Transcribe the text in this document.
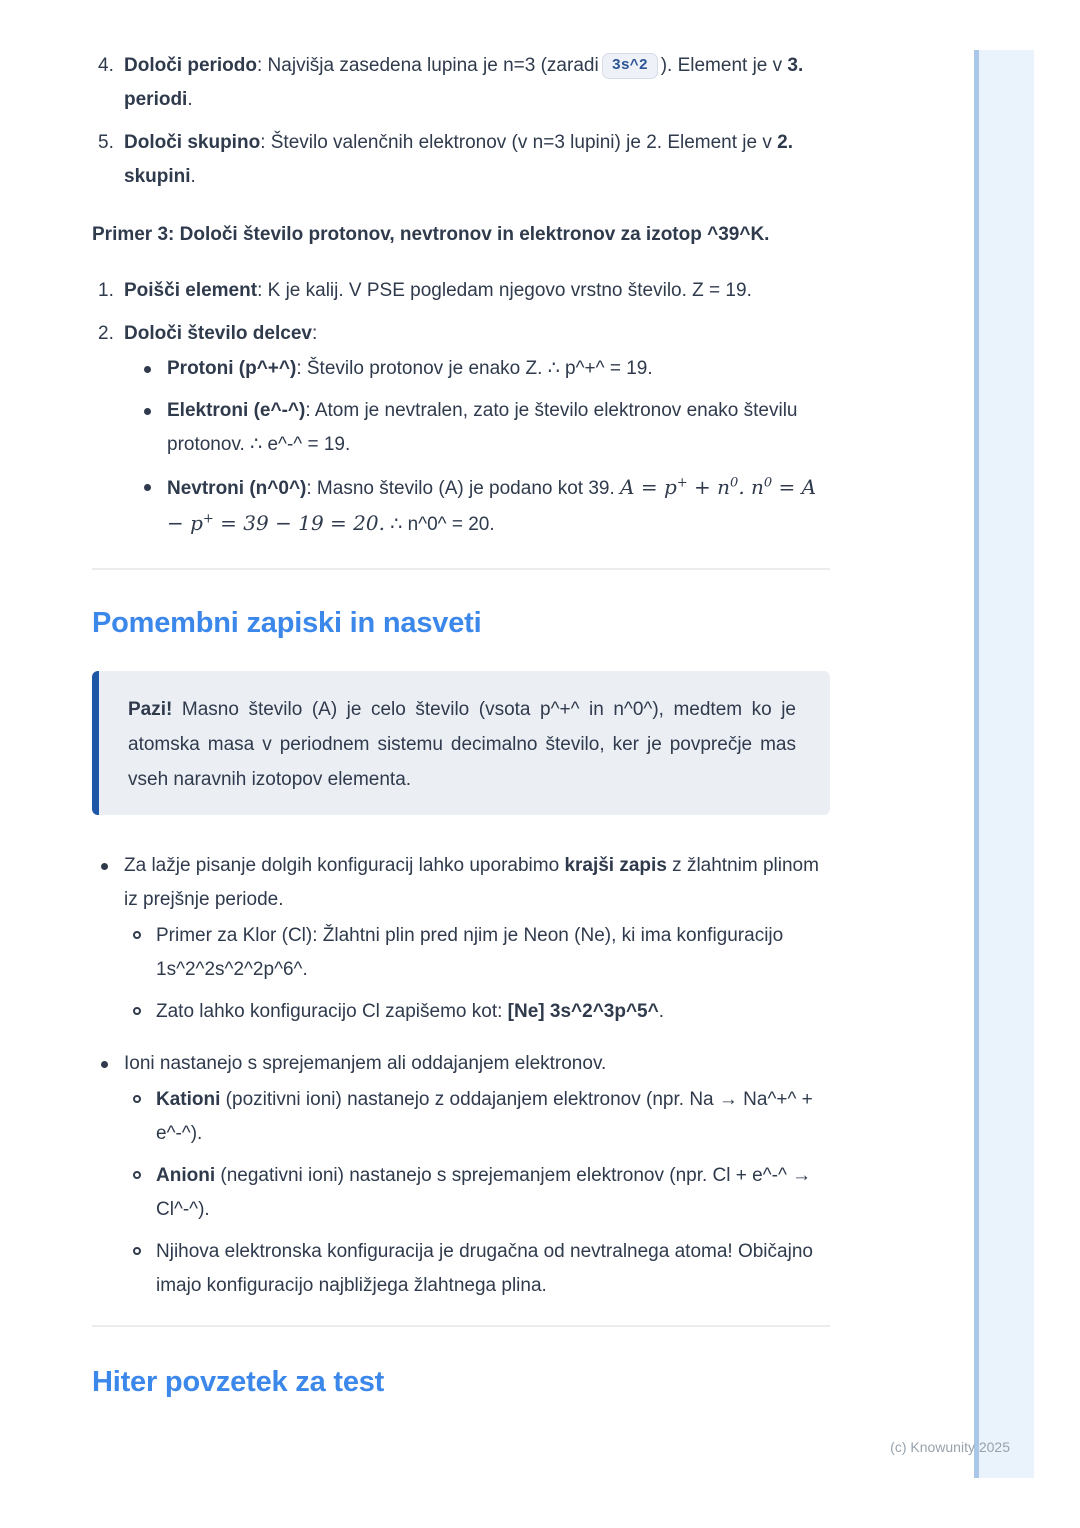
4. Določi periodo: Najvišja zasedena lupina je n=3 (zaradi 3s^2 ). Element je v 3. periodi.
5. Določi skupino: Število valenčnih elektronov (v n=3 lupini) je 2. Element je v 2. skupini.

Primer 3: Določi število protonov, nevtronov in elektronov za izotop ^39^K.

1. Poišči element: K je kalij. V PSE pogledam njegovo vrstno število. Z = 19.
2. Določi število delcev:
Protoni (p^+^): Število protonov je enako Z. ∴ p^+^ = 19.
Elektroni (e^-^): Atom je nevtralen, zato je število elektronov enako številu protonov. ∴ e^-^ = 19.
Nevtroni (n^0^): Masno število (A) je podano kot 39. $A = p^+ + n^0$. $n^0 = A - p^+ = 39 - 19 = 20$. ∴ n^0^ = 20.
Pomembni zapiski in nasveti
Pazi! Masno število (A) je celo število (vsota p^+^ in n^0^), medtem ko je atomska masa v periodnem sistemu decimalno število, ker je povprečje mas vseh naravnih izotopov elementa.
Za lažje pisanje dolgih konfiguracij lahko uporabimo krajši zapis z žlahtnim plinom iz prejšnje periode.
Primer za Klor (Cl): Žlahtni plin pred njim je Neon (Ne), ki ima konfiguracijo 1s^2^2s^2^2p^6^.
Zato lahko konfiguracijo Cl zapišemo kot: [Ne] 3s^2^3p^5^.
Ioni nastanejo s sprejemanjem ali oddajanjem elektronov.
Kationi (pozitivni ioni) nastanejo z oddajanjem elektronov (npr. Na → Na^+^ + e^-^).
Anioni (negativni ioni) nastanejo s sprejemanjem elektronov (npr. Cl + e^-^ → Cl^-^).
Njihova elektronska konfiguracija je drugačna od nevtralnega atoma! Običajno imajo konfiguracijo najbližjega žlahtnega plina.
Hiter povzetek za test
(c) Knowunity 2025
